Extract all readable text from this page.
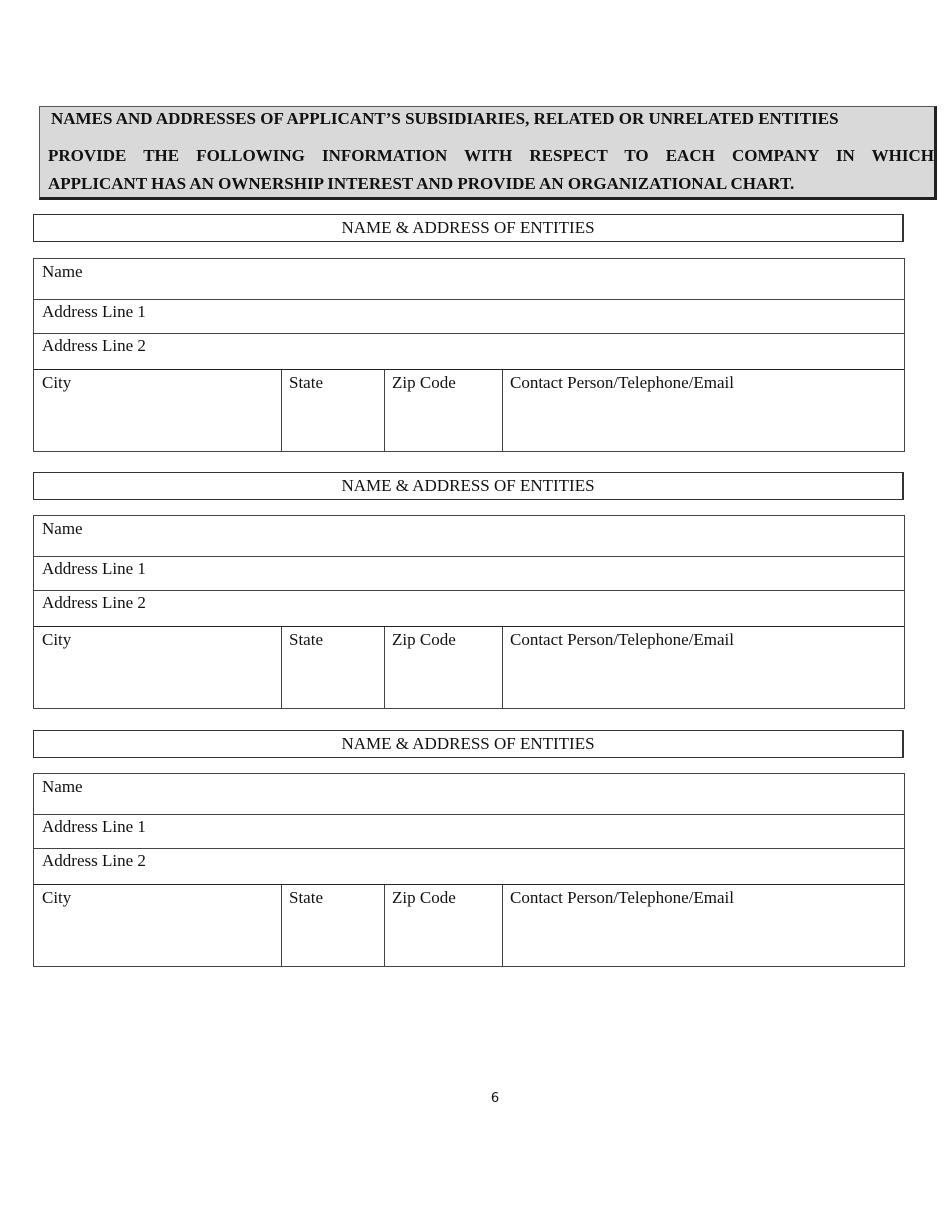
NAMES AND ADDRESSES OF APPLICANT’S SUBSIDIARIES, RELATED OR UNRELATED ENTITIES
PROVIDE THE FOLLOWING INFORMATION WITH RESPECT TO EACH COMPANY IN WHICH
APPLICANT HAS AN OWNERSHIP INTEREST AND PROVIDE AN ORGANIZATIONAL CHART.
NAME & ADDRESS OF ENTITIES
Name
Address Line 1
Address Line 2
City	State	Zip Code	Contact Person/Telephone/Email
NAME & ADDRESS OF ENTITIES
Name
Address Line 1
Address Line 2
City	State	Zip Code	Contact Person/Telephone/Email
NAME & ADDRESS OF ENTITIES
Name
Address Line 1
Address Line 2
City	State	Zip Code	Contact Person/Telephone/Email
6
